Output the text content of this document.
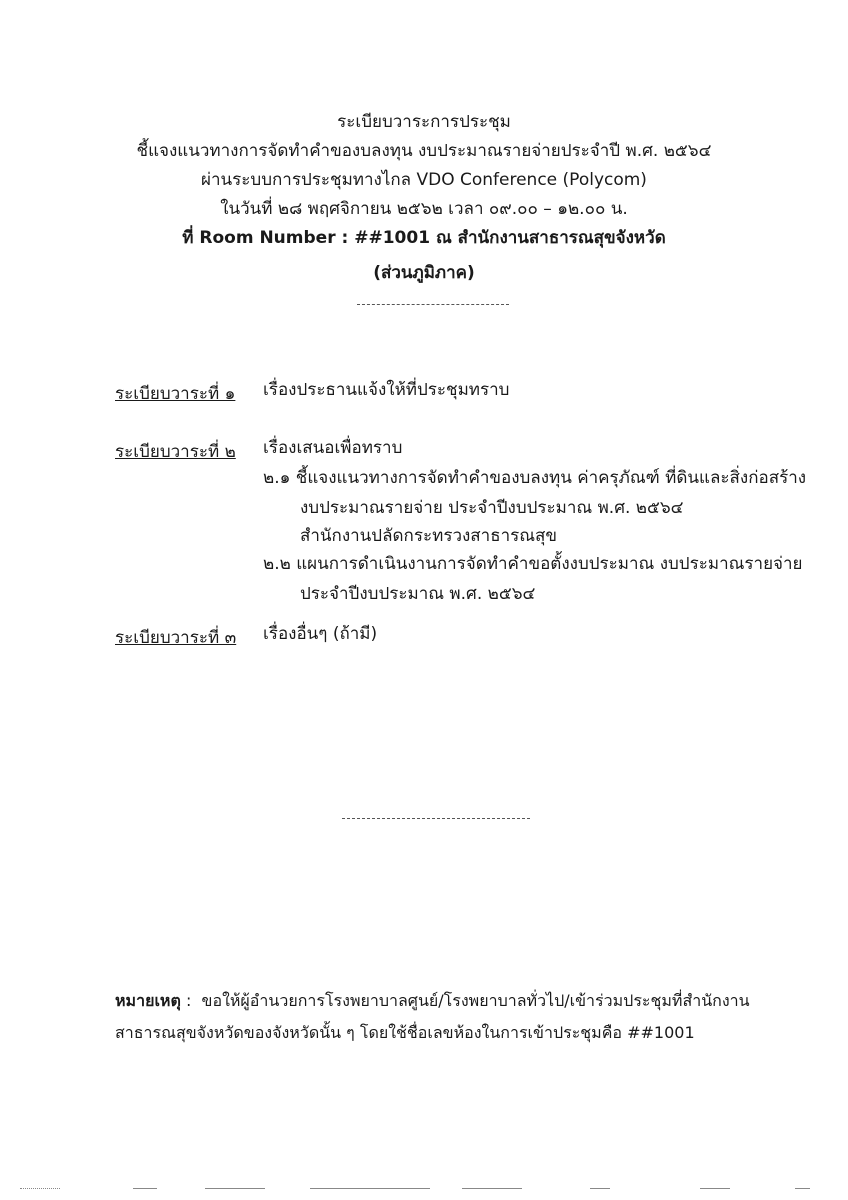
ระเบียบวาระการประชุม
ชี้แจงแนวทางการจัดทำคำของบลงทุน งบประมาณรายจ่ายประจำปี พ.ศ. ๒๕๖๔
ผ่านระบบการประชุมทางไกล VDO Conference (Polycom)
ในวันที่ ๒๘ พฤศจิกายน ๒๕๖๒ เวลา ๐๙.๐๐ – ๑๒.๐๐ น.
ที่ Room Number : ##1001 ณ สำนักงานสาธารณสุขจังหวัด
(ส่วนภูมิภาค)
ระเบียบวาระที่ ๑ เรื่องประธานแจ้งให้ที่ประชุมทราบ
ระเบียบวาระที่ ๒ เรื่องเสนอเพื่อทราบ
๒.๑ ชี้แจงแนวทางการจัดทำคำของบลงทุน ค่าครุภัณฑ์ ที่ดินและสิ่งก่อสร้าง
งบประมาณรายจ่าย ประจำปีงบประมาณ พ.ศ. ๒๕๖๔
สำนักงานปลัดกระทรวงสาธารณสุข
๒.๒ แผนการดำเนินงานการจัดทำคำขอตั้งงบประมาณ งบประมาณรายจ่าย
ประจำปีงบประมาณ พ.ศ. ๒๕๖๔
ระเบียบวาระที่ ๓ เรื่องอื่นๆ (ถ้ามี)
หมายเหตุ :  ขอให้ผู้อำนวยการโรงพยาบาลศูนย์/โรงพยาบาลทั่วไป/เข้าร่วมประชุมที่สำนักงาน
สาธารณสุขจังหวัดของจังหวัดนั้น ๆ โดยใช้ชื่อเลขห้องในการเข้าประชุมคือ ##1001
